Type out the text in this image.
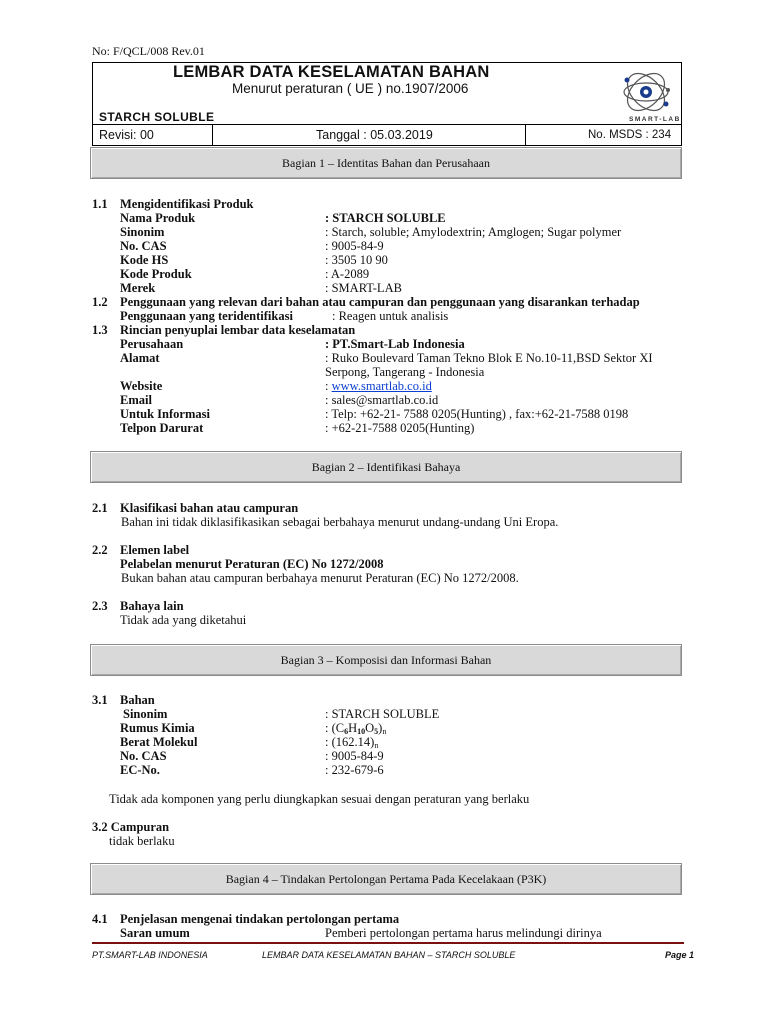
No: F/QCL/008 Rev.01
LEMBAR DATA KESELAMATAN BAHAN
Menurut peraturan ( UE ) no.1907/2006
STARCH SOLUBLE	SMART-LAB
Revisi: 00	Tanggal : 05.03.2019	No. MSDS : 234
Bagian 1 – Identitas Bahan dan Perusahaan
1.1 Mengidentifikasi Produk
Nama Produk	: STARCH SOLUBLE
Sinonim	: Starch, soluble; Amylodextrin; Amglogen; Sugar polymer
No. CAS	: 9005-84-9
Kode HS	: 3505 10 90
Kode Produk	: A-2089
Merek	: SMART-LAB
1.2 Penggunaan yang relevan dari bahan atau campuran dan penggunaan yang disarankan terhadap
Penggunaan yang teridentifikasi	: Reagen untuk analisis
1.3 Rincian penyuplai lembar data keselamatan
Perusahaan	: PT.Smart-Lab Indonesia
Alamat	: Ruko Boulevard Taman Tekno Blok E No.10-11,BSD Sektor XI
Serpong, Tangerang - Indonesia
Website	: www.smartlab.co.id
Email	: sales@smartlab.co.id
Untuk Informasi	: Telp: +62-21- 7588 0205(Hunting) , fax:+62-21-7588 0198
Telpon Darurat	: +62-21-7588 0205(Hunting)
Bagian 2 – Identifikasi Bahaya
2.1 Klasifikasi bahan atau campuran
Bahan ini tidak diklasifikasikan sebagai berbahaya menurut undang-undang Uni Eropa.
2.2 Elemen label
Pelabelan menurut Peraturan (EC) No 1272/2008
Bukan bahan atau campuran berbahaya menurut Peraturan (EC) No 1272/2008.
2.3 Bahaya lain
Tidak ada yang diketahui
Bagian 3 – Komposisi dan Informasi Bahan
3.1 Bahan
Sinonim	: STARCH SOLUBLE
Rumus Kimia	: $(C_6H_{10}O_5)_n$
Berat Molekul	: $(162.14)_n$
No. CAS	: 9005-84-9
EC-No.	: 232-679-6
Tidak ada komponen yang perlu diungkapkan sesuai dengan peraturan yang berlaku
3.2 Campuran
tidak berlaku
Bagian 4 – Tindakan Pertolongan Pertama Pada Kecelakaan (P3K)
4.1 Penjelasan mengenai tindakan pertolongan pertama
Saran umum	Pemberi pertolongan pertama harus melindungi dirinya
PT.SMART-LAB INDONESIA	LEMBAR DATA KESELAMATAN BAHAN – STARCH SOLUBLE	Page 1
